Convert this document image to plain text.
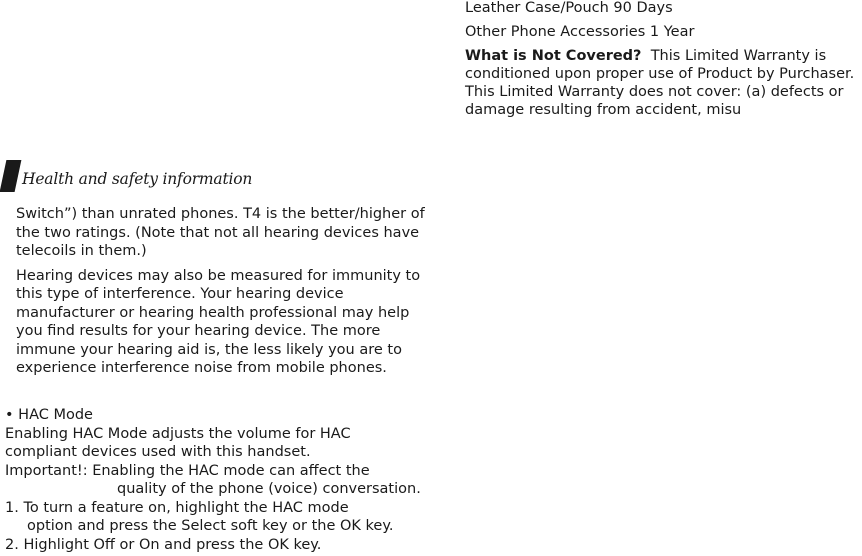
Leather Case/Pouch 90 Days

Other Phone Accessories 1 Year

What is Not Covered? This Limited Warranty is conditioned upon proper use of Product by Purchaser. This Limited Warranty does not cover: (a) defects or damage resulting from accident, misu

Health and safety information

Switch”) than unrated phones. T4 is the better/higher of the two ratings. (Note that not all hearing devices have telecoils in them.)

Hearing devices may also be measured for immunity to this type of interference. Your hearing device manufacturer or hearing health professional may help you find results for your hearing device. The more immune your hearing aid is, the less likely you are to experience interference noise from mobile phones.

• HAC Mode
Enabling HAC Mode adjusts the volume for HAC
compliant devices used with this handset.
Important!: Enabling the HAC mode can affect the
quality of the phone (voice) conversation.
1. To turn a feature on, highlight the HAC mode
option and press the Select soft key or the OK key.
2. Highlight Off or On and press the OK key.
